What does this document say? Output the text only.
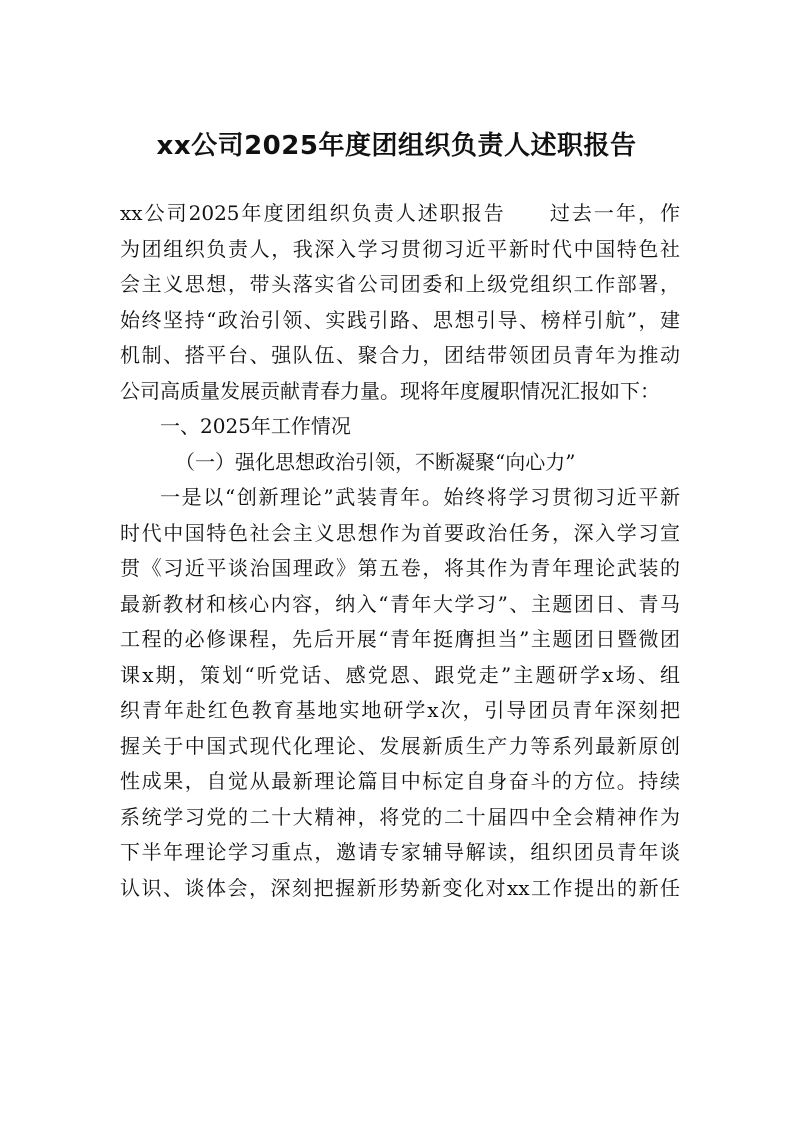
xx公司2025年度团组织负责人述职报告
xx公司2025年度团组织负责人述职报告　　过去一年，作
为团组织负责人，我深入学习贯彻习近平新时代中国特色社
会主义思想，带头落实省公司团委和上级党组织工作部署，
始终坚持“政治引领、实践引路、思想引导、榜样引航”，建
机制、搭平台、强队伍、聚合力，团结带领团员青年为推动
公司高质量发展贡献青春力量。现将年度履职情况汇报如下：
一、2025年工作情况
（一）强化思想政治引领，不断凝聚“向心力”
一是以“创新理论”武装青年。始终将学习贯彻习近平新
时代中国特色社会主义思想作为首要政治任务，深入学习宣
贯《习近平谈治国理政》第五卷，将其作为青年理论武装的
最新教材和核心内容，纳入“青年大学习”、主题团日、青马
工程的必修课程，先后开展“青年挺膺担当”主题团日暨微团
课x期，策划“听党话、感党恩、跟党走”主题研学x场、组
织青年赴红色教育基地实地研学x次，引导团员青年深刻把
握关于中国式现代化理论、发展新质生产力等系列最新原创
性成果，自觉从最新理论篇目中标定自身奋斗的方位。持续
系统学习党的二十大精神，将党的二十届四中全会精神作为
下半年理论学习重点，邀请专家辅导解读，组织团员青年谈
认识、谈体会，深刻把握新形势新变化对xx工作提出的新任
